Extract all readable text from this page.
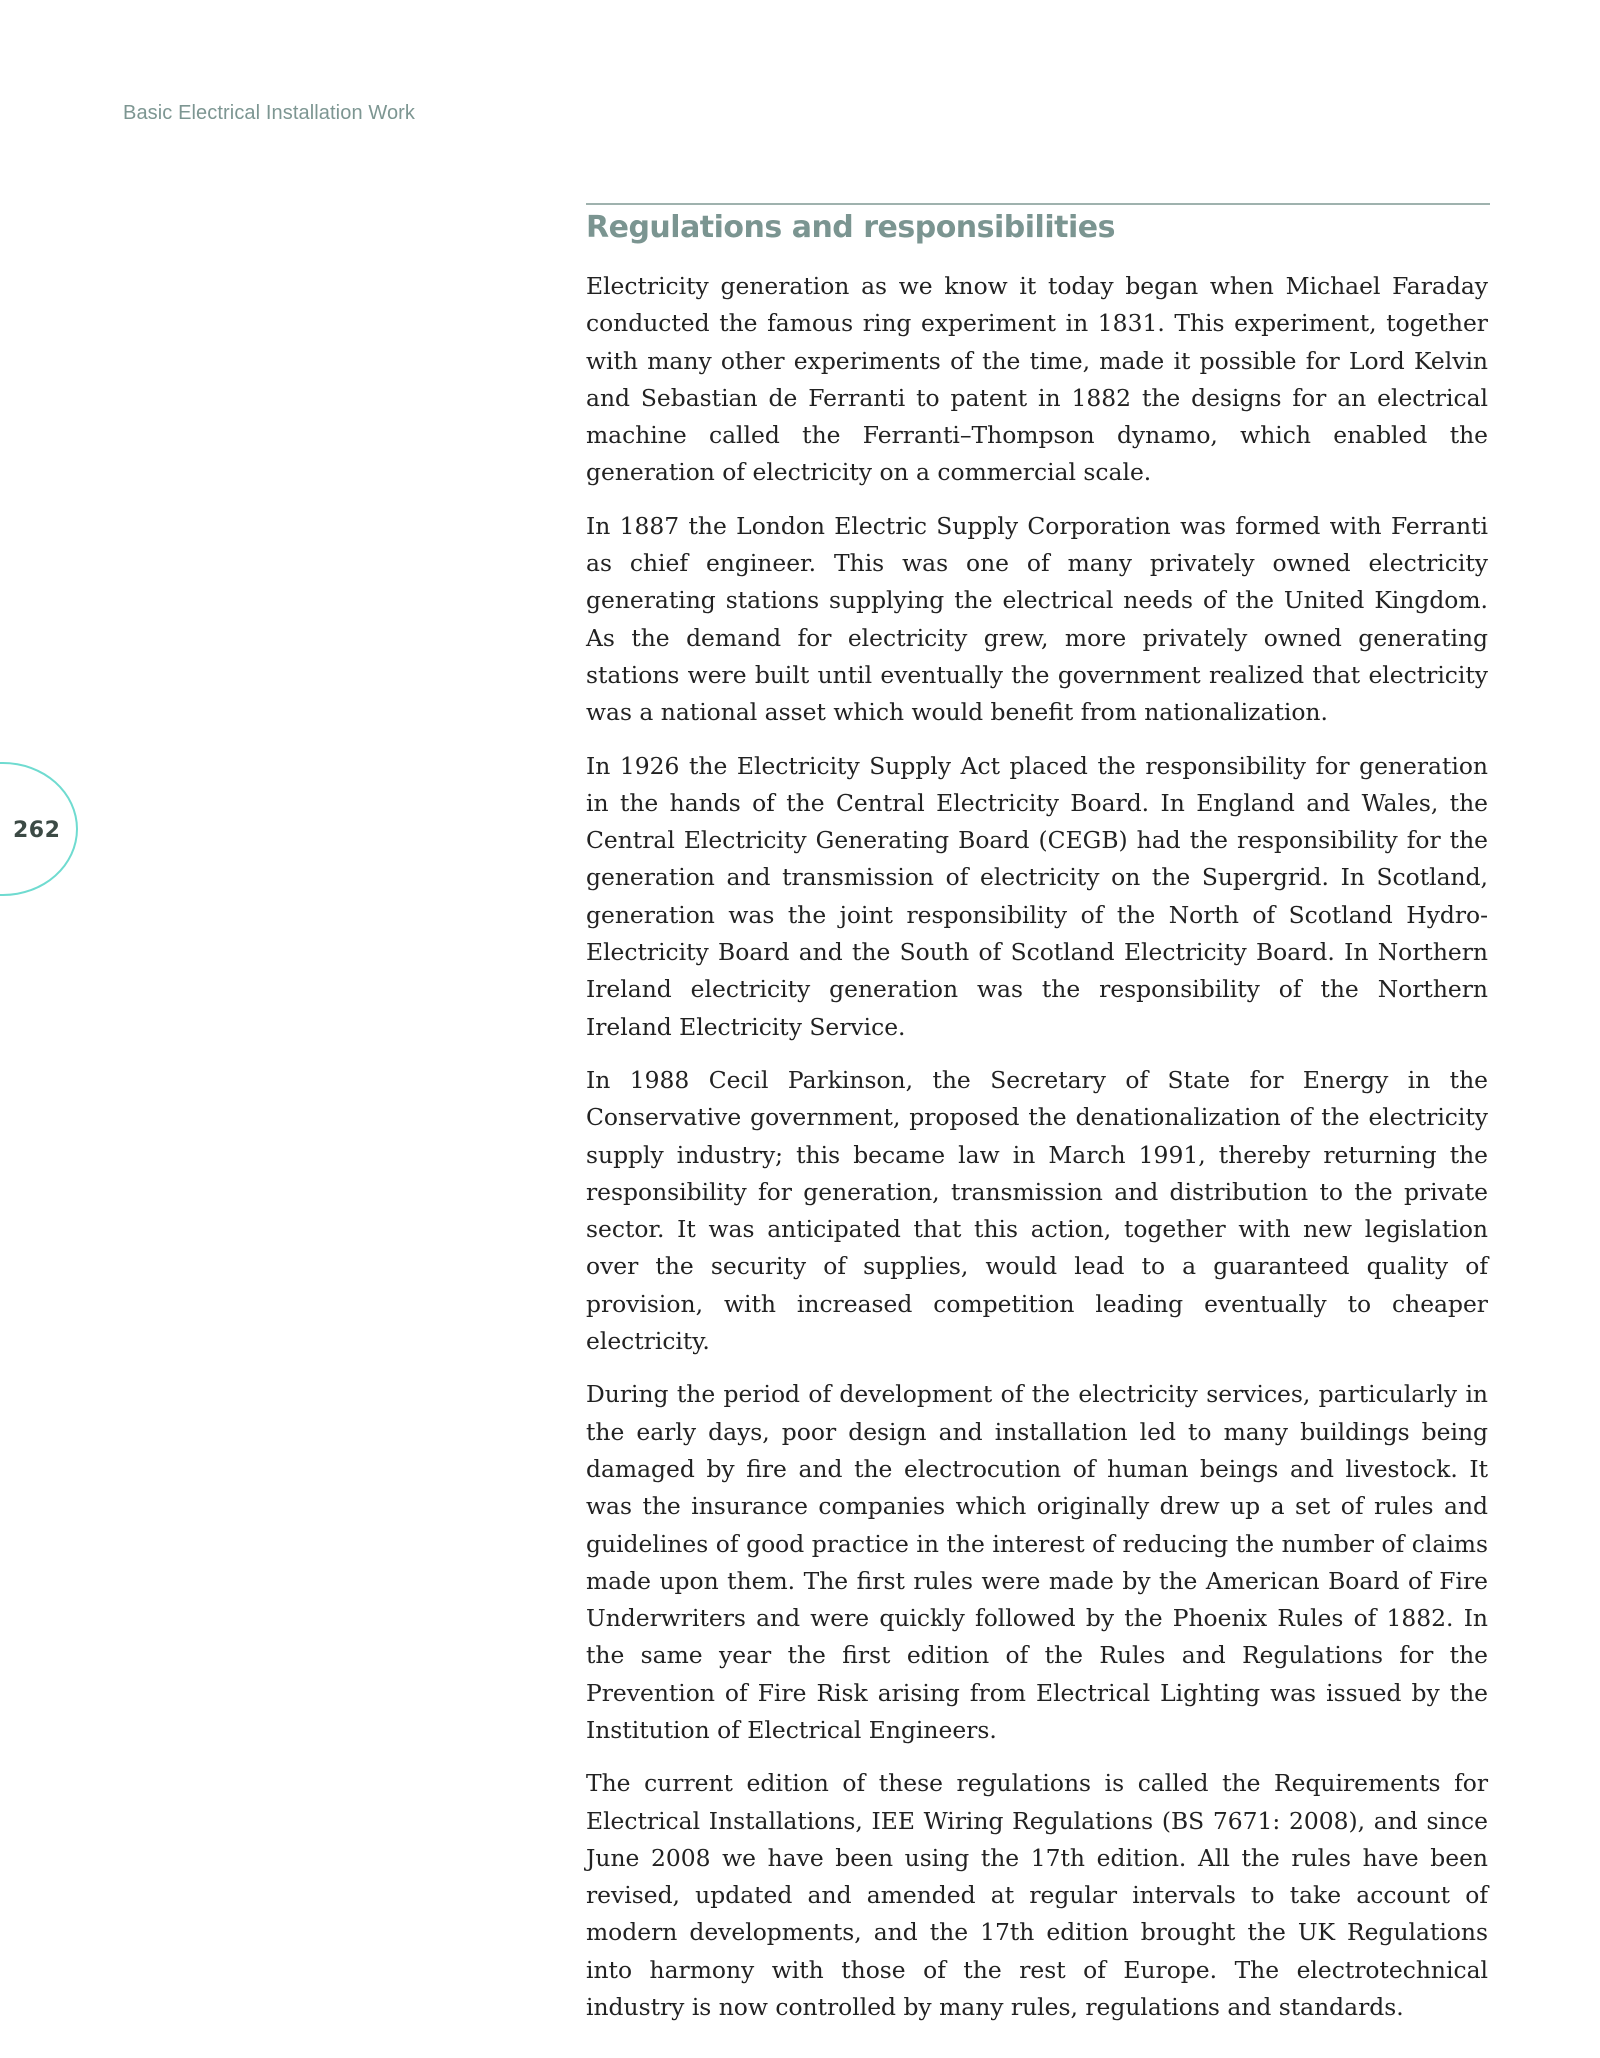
Basic Electrical Installation Work
262
Regulations and responsibilities

Electricity generation as we know it today began when Michael Faraday conducted the famous ring experiment in 1831. This experiment, together with many other experiments of the time, made it possible for Lord Kelvin and Sebastian de Ferranti to patent in 1882 the designs for an electrical machine called the Ferranti–Thompson dynamo, which enabled the generation of electricity on a commercial scale.

In 1887 the London Electric Supply Corporation was formed with Ferranti as chief engineer. This was one of many privately owned electricity generating stations supplying the electrical needs of the United Kingdom. As the demand for electricity grew, more privately owned generating stations were built until eventually the government realized that electricity was a national asset which would benefit from nationalization.

In 1926 the Electricity Supply Act placed the responsibility for generation in the hands of the Central Electricity Board. In England and Wales, the Central Electricity Generating Board (CEGB) had the responsibility for the generation and transmission of electricity on the Supergrid. In Scotland, generation was the joint responsibility of the North of Scotland Hydro-Electricity Board and the South of Scotland Electricity Board. In Northern Ireland electricity generation was the responsibility of the Northern Ireland Electricity Service.

In 1988 Cecil Parkinson, the Secretary of State for Energy in the Conservative government, proposed the denationalization of the electricity supply industry; this became law in March 1991, thereby returning the responsibility for generation, transmission and distribution to the private sector. It was anticipated that this action, together with new legislation over the security of supplies, would lead to a guaranteed quality of provision, with increased competition leading eventually to cheaper electricity.

During the period of development of the electricity services, particularly in the early days, poor design and installation led to many buildings being damaged by fire and the electrocution of human beings and livestock. It was the insurance companies which originally drew up a set of rules and guidelines of good practice in the interest of reducing the number of claims made upon them. The first rules were made by the American Board of Fire Underwriters and were quickly followed by the Phoenix Rules of 1882. In the same year the first edition of the Rules and Regulations for the Prevention of Fire Risk arising from Electrical Lighting was issued by the Institution of Electrical Engineers.

The current edition of these regulations is called the Requirements for Electrical Installations, IEE Wiring Regulations (BS 7671: 2008), and since June 2008 we have been using the 17th edition. All the rules have been revised, updated and amended at regular intervals to take account of modern developments, and the 17th edition brought the UK Regulations into harmony with those of the rest of Europe. The electrotechnical industry is now controlled by many rules, regulations and standards.
